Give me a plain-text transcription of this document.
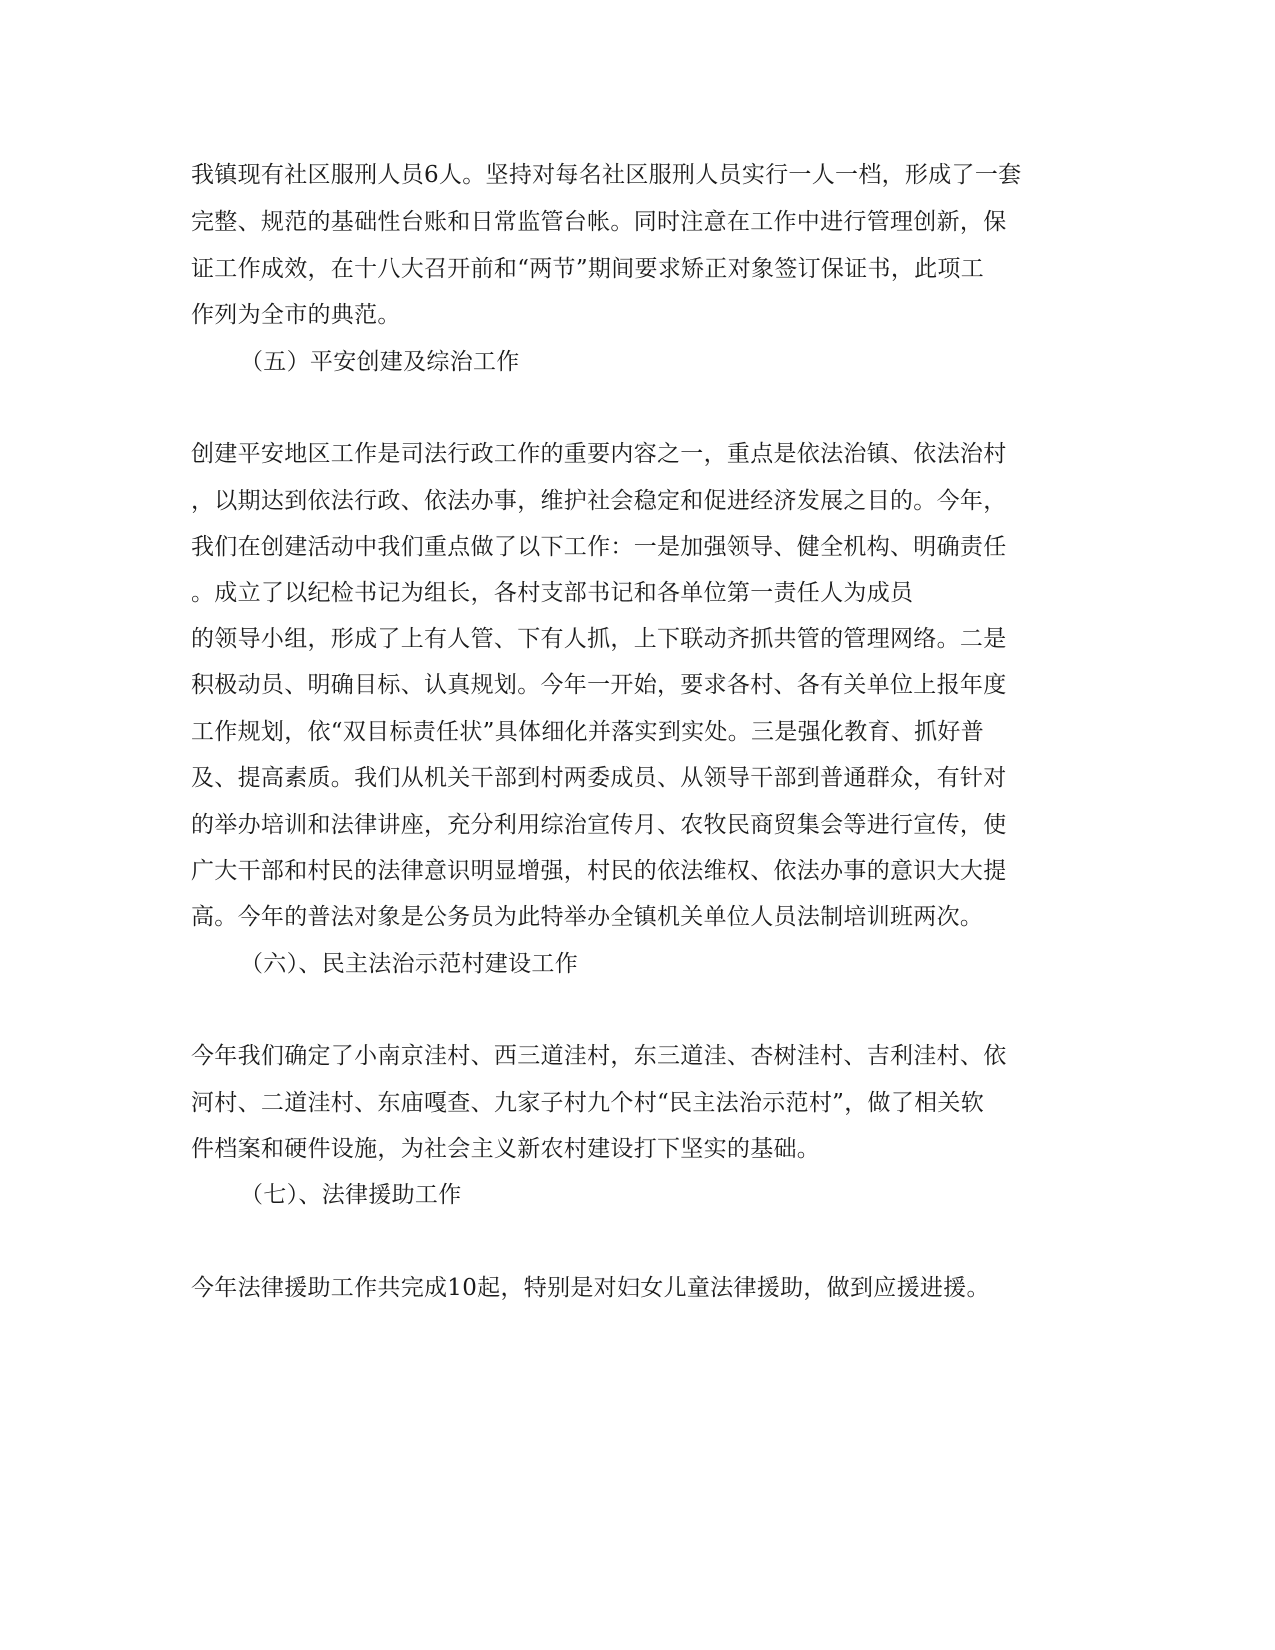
我镇现有社区服刑人员6人。坚持对每名社区服刑人员实行一人一档，形成了一套

完整、规范的基础性台账和日常监管台帐。同时注意在工作中进行管理创新，保

证工作成效，在十八大召开前和“两节”期间要求矫正对象签订保证书，此项工

作列为全市的典范。

（五）平安创建及综治工作

创建平安地区工作是司法行政工作的重要内容之一，重点是依法治镇、依法治村

，以期达到依法行政、依法办事，维护社会稳定和促进经济发展之目的。今年，

我们在创建活动中我们重点做了以下工作：一是加强领导、健全机构、明确责任

。成立了以纪检书记为组长，各村支部书记和各单位第一责任人为成员

的领导小组，形成了上有人管、下有人抓，上下联动齐抓共管的管理网络。二是

积极动员、明确目标、认真规划。今年一开始，要求各村、各有关单位上报年度

工作规划，依“双目标责任状”具体细化并落实到实处。三是强化教育、抓好普

及、提高素质。我们从机关干部到村两委成员、从领导干部到普通群众，有针对

的举办培训和法律讲座，充分利用综治宣传月、农牧民商贸集会等进行宣传，使

广大干部和村民的法律意识明显增强，村民的依法维权、依法办事的意识大大提

高。今年的普法对象是公务员为此特举办全镇机关单位人员法制培训班两次。

（六）、民主法治示范村建设工作

今年我们确定了小南京洼村、西三道洼村，东三道洼、杏树洼村、吉利洼村、依

河村、二道洼村、东庙嘎查、九家子村九个村“民主法治示范村”，做了相关软

件档案和硬件设施，为社会主义新农村建设打下坚实的基础。

（七）、法律援助工作

今年法律援助工作共完成10起，特别是对妇女儿童法律援助，做到应援进援。
